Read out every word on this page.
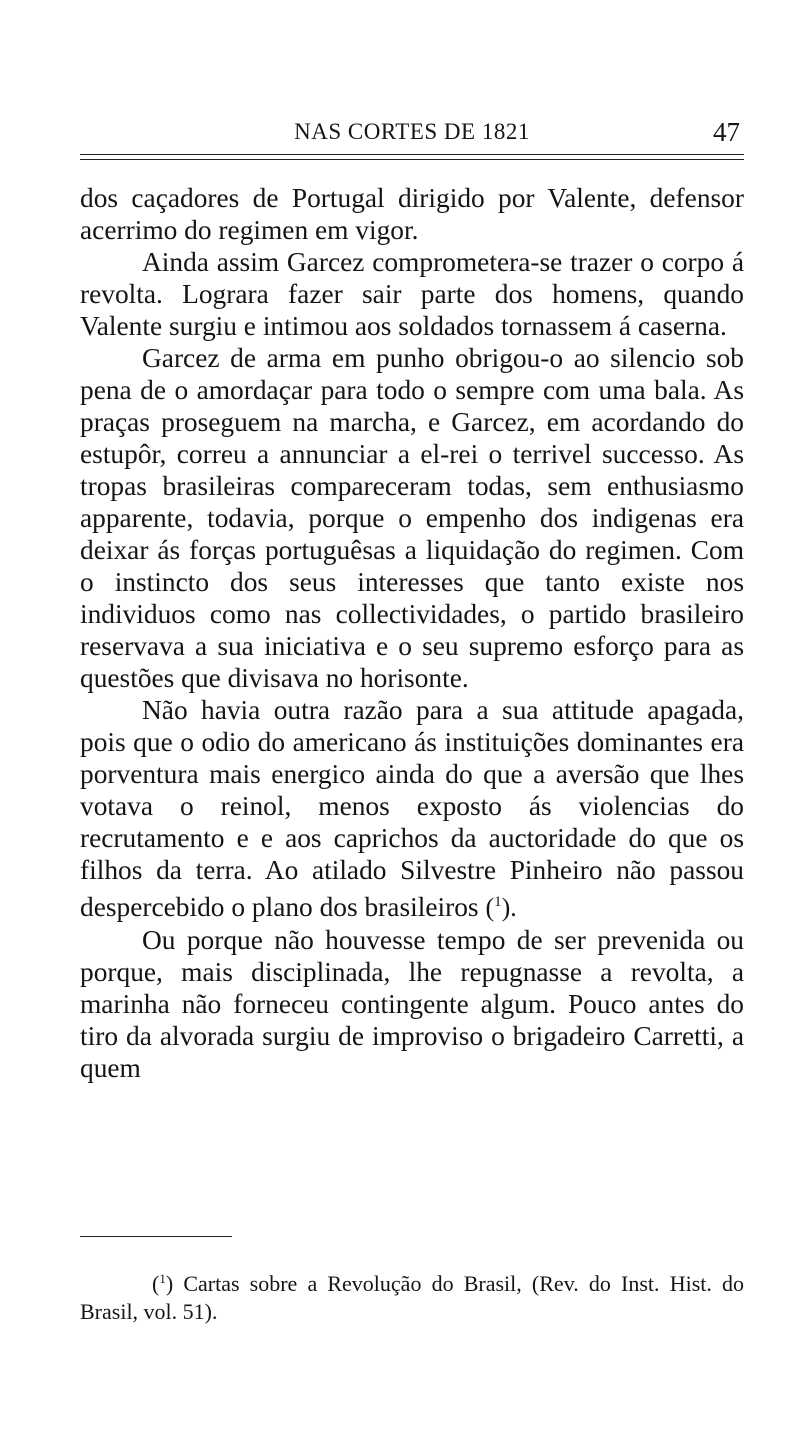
NAS CORTES DE 1821	47

dos caçadores de Portugal dirigido por Valente, defensor acerrimo do regimen em vigor.

Ainda assim Garcez comprometera-se trazer o corpo á revolta. Lograra fazer sair parte dos homens, quando Valente surgiu e intimou aos soldados tornassem á caserna.

Garcez de arma em punho obrigou-o ao silencio sob pena de o amordaçar para todo o sempre com uma bala. As praças proseguem na marcha, e Garcez, em acordando do estupôr, correu a annunciar a el-rei o terrivel successo. As tropas brasileiras compareceram todas, sem enthusiasmo apparente, todavia, porque o empenho dos indigenas era deixar ás forças portuguêsas a liquidação do regimen. Com o instincto dos seus interesses que tanto existe nos individuos como nas collectividades, o partido brasileiro reservava a sua iniciativa e o seu supremo esforço para as questões que divisava no horisonte.

Não havia outra razão para a sua attitude apagada, pois que o odio do americano ás instituições dominantes era porventura mais energico ainda do que a aversão que lhes votava o reinol, menos exposto ás violencias do recrutamento e e aos caprichos da auctoridade do que os filhos da terra. Ao atilado Silvestre Pinheiro não passou despercebido o plano dos brasileiros ($^1$).

Ou porque não houvesse tempo de ser prevenida ou porque, mais disciplinada, lhe repugnasse a revolta, a marinha não forneceu contingente algum. Pouco antes do tiro da alvorada surgiu de improviso o brigadeiro Carretti, a quem

($^1$) Cartas sobre a Revolução do Brasil, (Rev. do Inst. Hist. do Brasil, vol. 51).
